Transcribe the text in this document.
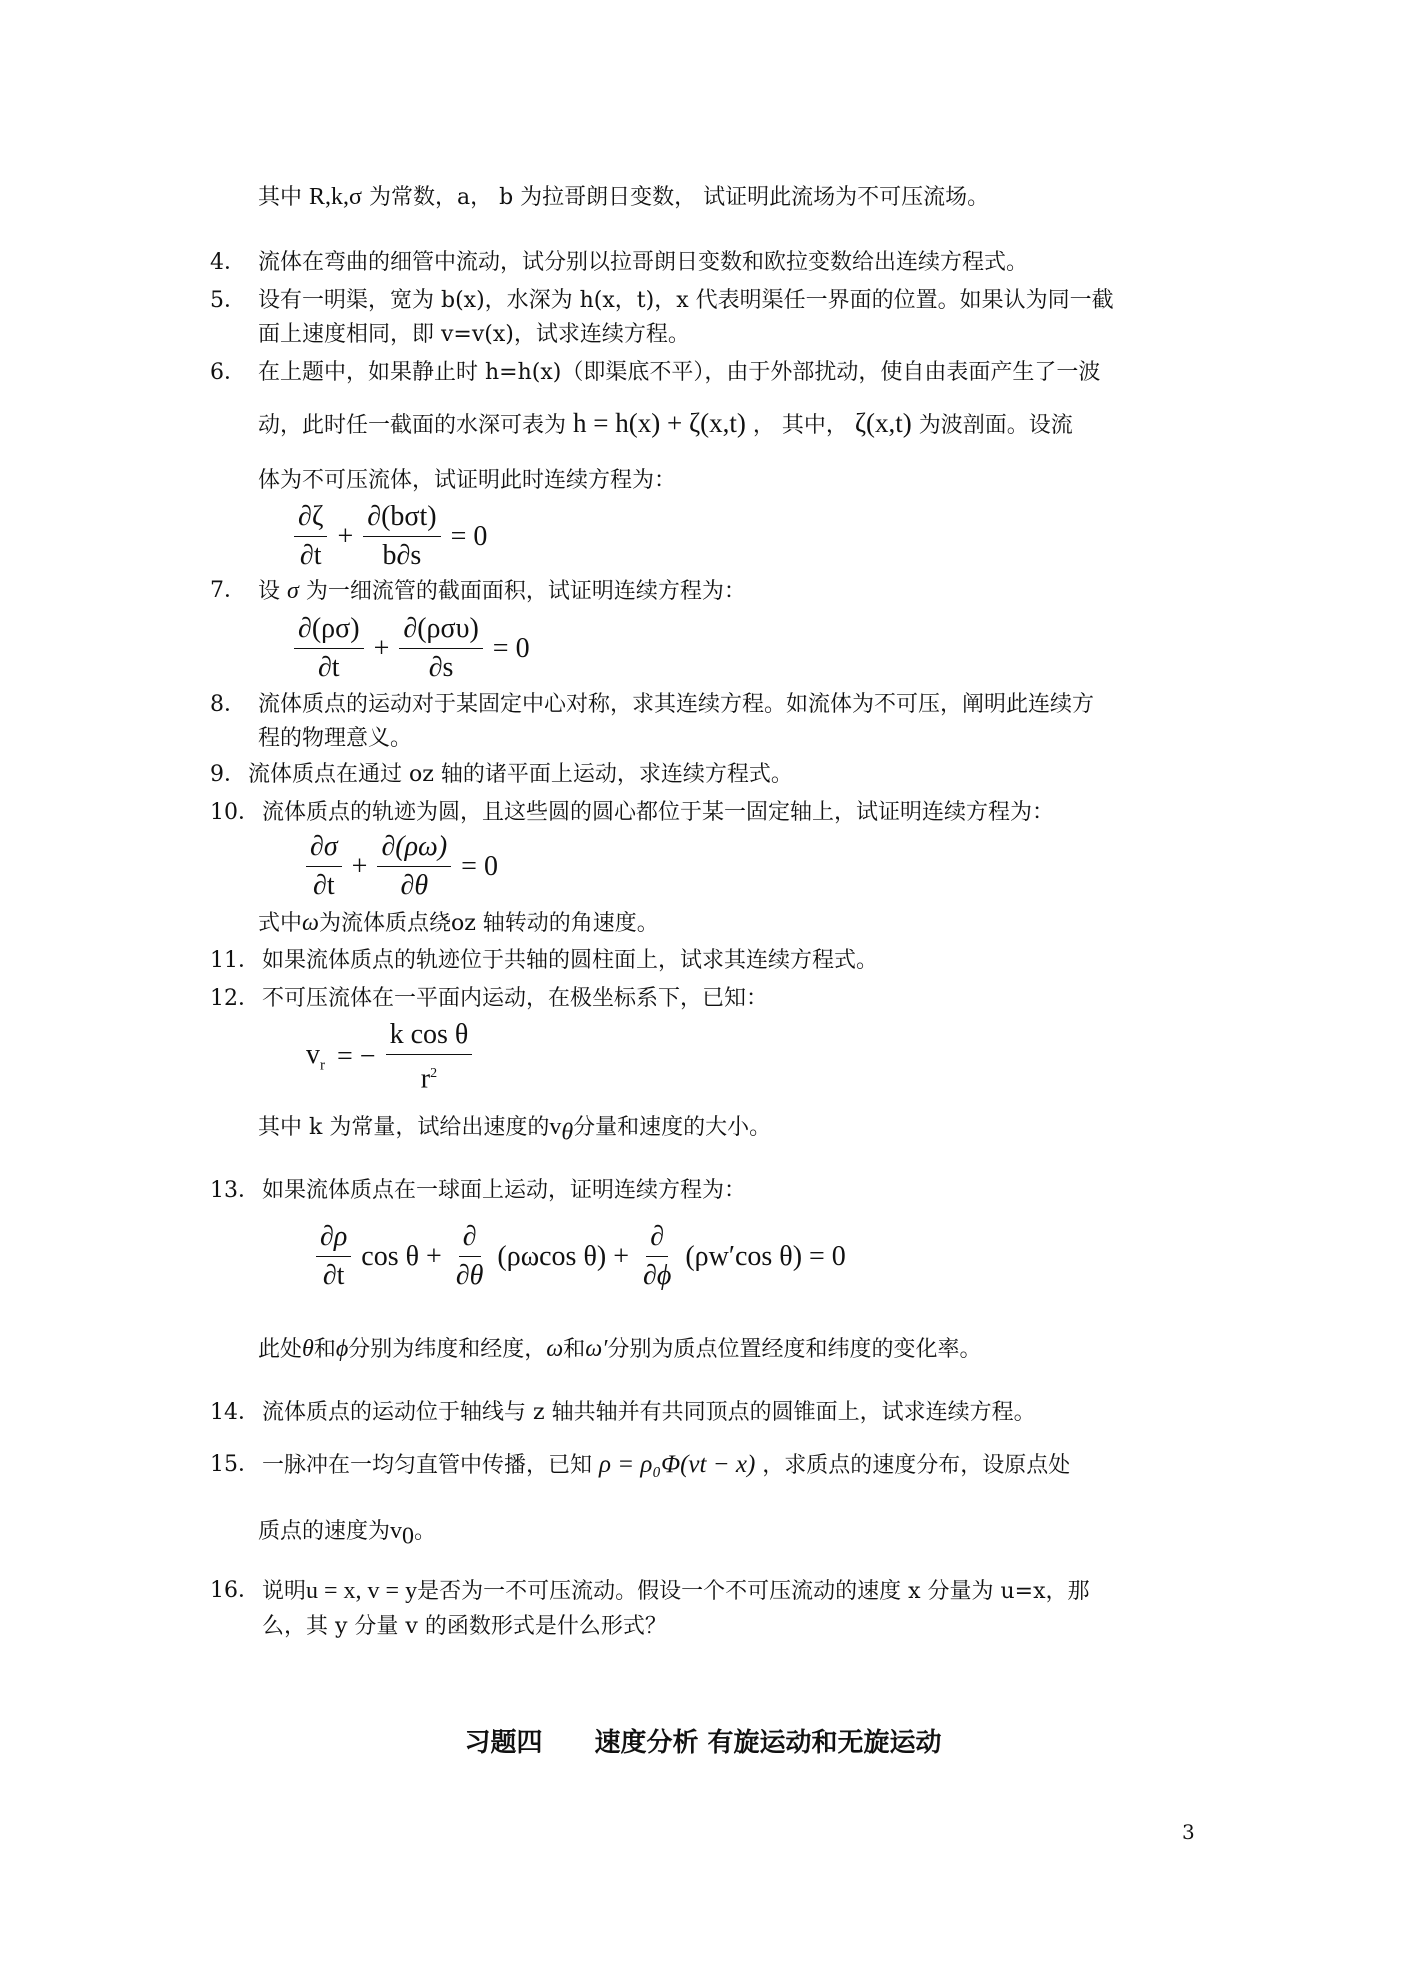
其中 R,k,σ 为常数，a， b 为拉哥朗日变数， 试证明此流场为不可压流场。
4． 流体在弯曲的细管中流动，试分别以拉哥朗日变数和欧拉变数给出连续方程式。
5． 设有一明渠，宽为 b(x)，水深为 h(x，t)，x 代表明渠任一界面的位置。如果认为同一截
面上速度相同，即 v=v(x)，试求连续方程。
6． 在上题中，如果静止时 h=h(x)（即渠底不平），由于外部扰动，使自由表面产生了一波
动，此时任一截面的水深可表为 h = h(x) + ζ(x,t) ， 其中， ζ(x,t) 为波剖面。设流
体为不可压流体，试证明此时连续方程为：
$\frac{\partial\zeta}{\partial t} + \frac{\text{∂(bσt)}}{b\partial s} = 0$
7． 设 σ 为一细流管的截面面积，试证明连续方程为：
$\frac{\partial(\rho\sigma)}{\partial t} + \frac{\text{∂(ρσυ)}}{\partial s} = 0$
8． 流体质点的运动对于某固定中心对称，求其连续方程。如流体为不可压，阐明此连续方
程的物理意义。
9． 流体质点在通过 oz 轴的诸平面上运动，求连续方程式。
10． 流体质点的轨迹为圆，且这些圆的圆心都位于某一固定轴上，试证明连续方程为：
$\frac{\partial\sigma}{\partial t} + \frac{\partial(\rho\omega)}{\partial\theta} = 0$
式中ω为流体质点绕oz 轴转动的角速度。
11． 如果流体质点的轨迹位于共轴的圆柱面上，试求其连续方程式。
12． 不可压流体在一平面内运动，在极坐标系下，已知：
$v_r$ = − $\frac{\text{k cos θ}}{r^2}$
其中 k 为常量，试给出速度的$v_\theta$分量和速度的大小。
13． 如果流体质点在一球面上运动，证明连续方程为：
$\frac{\partial\rho}{\partial t}$ $\cos \theta + \frac{\partial}{\partial\theta} (\rho\omega\cos$ $\theta) + \frac{\partial}{\partial\phi} (\rho w'\cos$ θ) = 0
此处θ和ϕ分别为纬度和经度，ω和ω′分别为质点位置经度和纬度的变化率。
14． 流体质点的运动位于轴线与 z 轴共轴并有共同顶点的圆锥面上，试求连续方程。
15． 一脉冲在一均匀直管中传播，已知 ρ = ρ₀Φ(vt − x) ，求质点的速度分布，设原点处
质点的速度为$v_0$。
16． 说明u = x, v = y是否为一不可压流动。假设一个不可压流动的速度 x 分量为 u=x，那
么，其 y 分量 v 的函数形式是什么形式？
习题四　　速度分析 有旋运动和无旋运动
3
